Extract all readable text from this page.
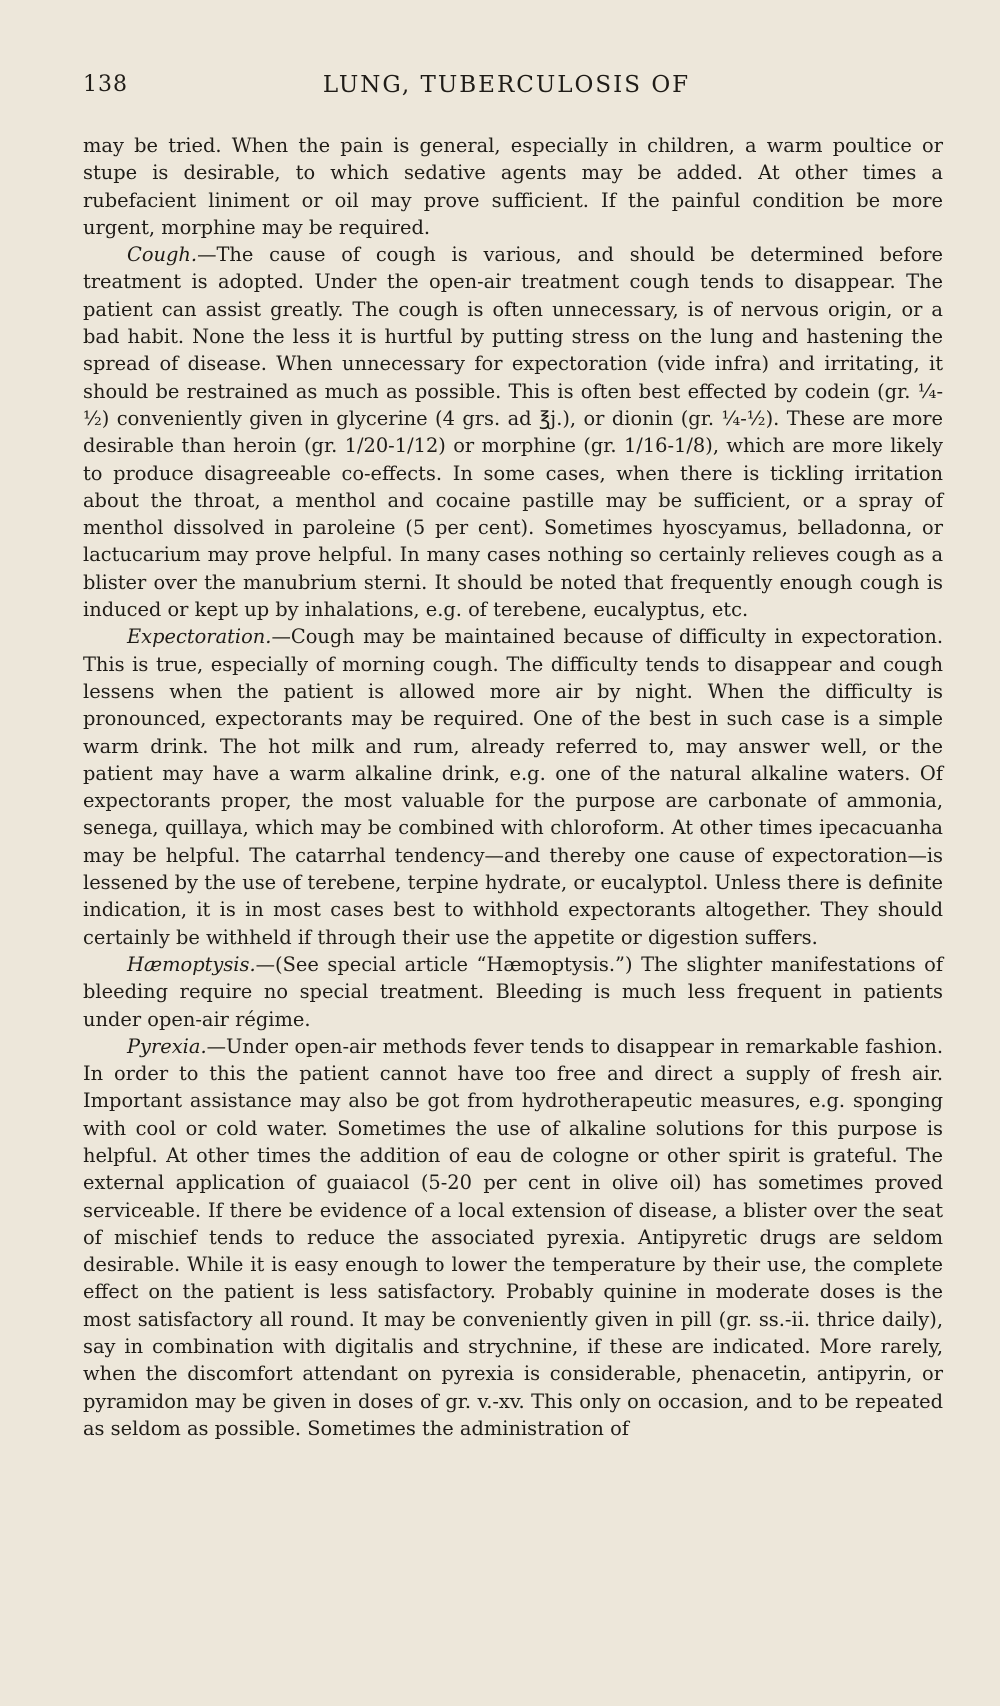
138	LUNG, TUBERCULOSIS OF

may be tried. When the pain is general, especially in children, a warm poultice or stupe is desirable, to which sedative agents may be added. At other times a rubefacient liniment or oil may prove sufficient. If the painful condition be more urgent, morphine may be required.

Cough.—The cause of cough is various, and should be determined before treatment is adopted. Under the open-air treatment cough tends to disappear. The patient can assist greatly. The cough is often unnecessary, is of nervous origin, or a bad habit. None the less it is hurtful by putting stress on the lung and hastening the spread of disease. When unnecessary for expectoration (vide infra) and irritating, it should be restrained as much as possible. This is often best effected by codein (gr. ¼-½) conveniently given in glycerine (4 grs. ad ℥j.), or dionin (gr. ¼-½). These are more desirable than heroin (gr. 1/20-1/12) or morphine (gr. 1/16-1/8), which are more likely to produce disagreeable co-effects. In some cases, when there is tickling irritation about the throat, a menthol and cocaine pastille may be sufficient, or a spray of menthol dissolved in paroleine (5 per cent). Sometimes hyoscyamus, belladonna, or lactucarium may prove helpful. In many cases nothing so certainly relieves cough as a blister over the manubrium sterni. It should be noted that frequently enough cough is induced or kept up by inhalations, e.g. of terebene, eucalyptus, etc.

Expectoration.—Cough may be maintained because of difficulty in expectoration. This is true, especially of morning cough. The difficulty tends to disappear and cough lessens when the patient is allowed more air by night. When the difficulty is pronounced, expectorants may be required. One of the best in such case is a simple warm drink. The hot milk and rum, already referred to, may answer well, or the patient may have a warm alkaline drink, e.g. one of the natural alkaline waters. Of expectorants proper, the most valuable for the purpose are carbonate of ammonia, senega, quillaya, which may be combined with chloroform. At other times ipecacuanha may be helpful. The catarrhal tendency—and thereby one cause of expectoration—is lessened by the use of terebene, terpine hydrate, or eucalyptol. Unless there is definite indication, it is in most cases best to withhold expectorants altogether. They should certainly be withheld if through their use the appetite or digestion suffers.

Hæmoptysis.—(See special article “Hæmoptysis.”) The slighter manifestations of bleeding require no special treatment. Bleeding is much less frequent in patients under open-air régime.

Pyrexia.—Under open-air methods fever tends to disappear in remarkable fashion. In order to this the patient cannot have too free and direct a supply of fresh air. Important assistance may also be got from hydrotherapeutic measures, e.g. sponging with cool or cold water. Sometimes the use of alkaline solutions for this purpose is helpful. At other times the addition of eau de cologne or other spirit is grateful. The external application of guaiacol (5-20 per cent in olive oil) has sometimes proved serviceable. If there be evidence of a local extension of disease, a blister over the seat of mischief tends to reduce the associated pyrexia. Antipyretic drugs are seldom desirable. While it is easy enough to lower the temperature by their use, the complete effect on the patient is less satisfactory. Probably quinine in moderate doses is the most satisfactory all round. It may be conveniently given in pill (gr. ss.-ii. thrice daily), say in combination with digitalis and strychnine, if these are indicated. More rarely, when the discomfort attendant on pyrexia is considerable, phenacetin, antipyrin, or pyramidon may be given in doses of gr. v.-xv. This only on occasion, and to be repeated as seldom as possible. Sometimes the administration of
